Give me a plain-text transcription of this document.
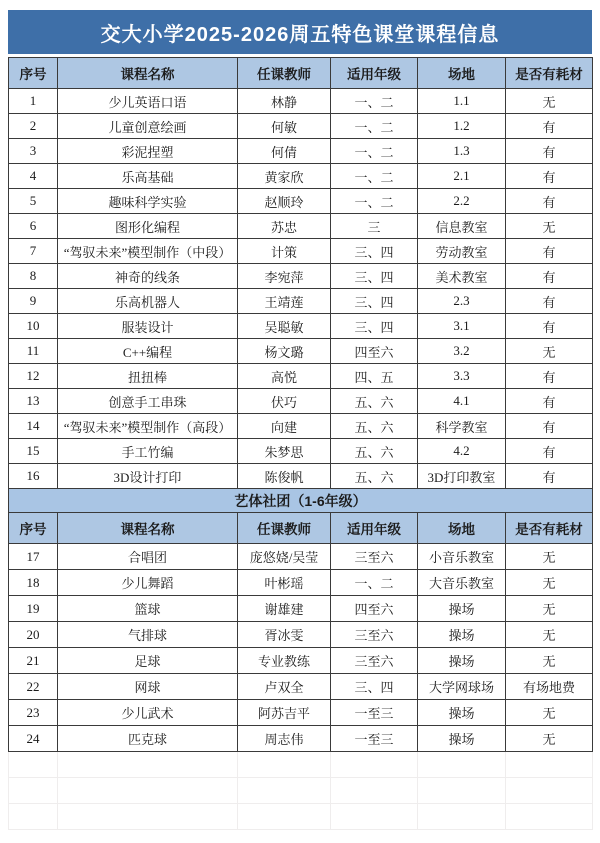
交大小学2025-2026周五特色课堂课程信息
序号	课程名称	任课教师	适用年级	场地	是否有耗材
1	少儿英语口语	林静	一、二	1.1	无
2	儿童创意绘画	何敏	一、二	1.2	有
3	彩泥捏塑	何倩	一、二	1.3	有
4	乐高基础	黄家欣	一、二	2.1	有
5	趣味科学实验	赵顺玲	一、二	2.2	有
6	图形化编程	苏忠	三	信息教室	无
7	“驾驭未来”模型制作（中段）	计策	三、四	劳动教室	有
8	神奇的线条	李宛萍	三、四	美术教室	有
9	乐高机器人	王靖莲	三、四	2.3	有
10	服装设计	吴聪敏	三、四	3.1	有
11	C++编程	杨文璐	四至六	3.2	无
12	扭扭棒	高悦	四、五	3.3	有
13	创意手工串珠	伏巧	五、六	4.1	有
14	“驾驭未来”模型制作（高段）	向建	五、六	科学教室	有
15	手工竹编	朱梦思	五、六	4.2	有
16	3D设计打印	陈俊帆	五、六	3D打印教室	有
艺体社团（1-6年级）					
序号	课程名称	任课教师	适用年级	场地	是否有耗材
17	合唱团	庞悠娆/吴莹	三至六	小音乐教室	无
18	少儿舞蹈	叶彬瑶	一、二	大音乐教室	无
19	篮球	谢雄建	四至六	操场	无
20	气排球	胥冰雯	三至六	操场	无
21	足球	专业教练	三至六	操场	无
22	网球	卢双全	三、四	大学网球场	有场地费
23	少儿武术	阿苏吉平	一至三	操场	无
24	匹克球	周志伟	一至三	操场	无
